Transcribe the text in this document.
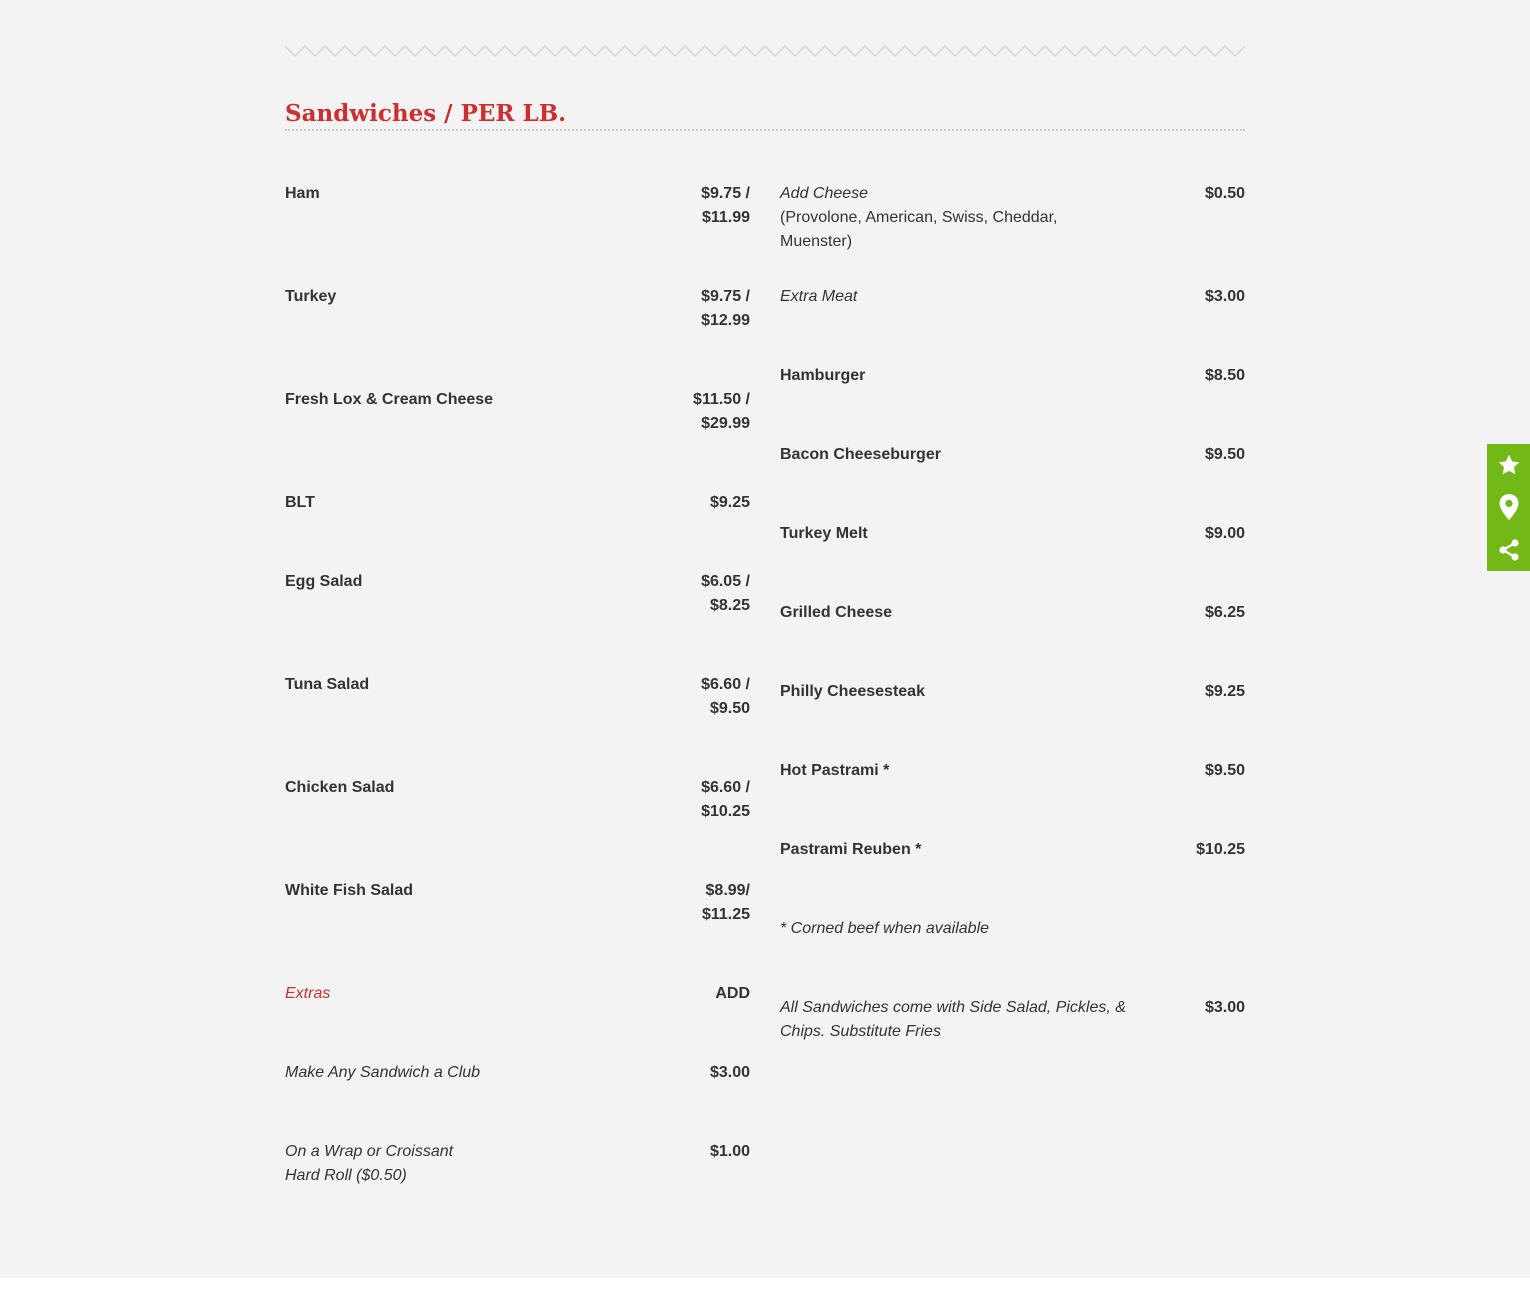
Sandwiches / PER LB.
Ham	$9.75 /
$11.99
Turkey	$9.75 /
$12.99
Fresh Lox & Cream Cheese	$11.50 /
$29.99
BLT	$9.25
Egg Salad	$6.05 /
$8.25
Tuna Salad	$6.60 /
$9.50
Chicken Salad	$6.60 /
$10.25
White Fish Salad	$8.99/
$11.25
Extras	ADD
Make Any Sandwich a Club	$3.00
On a Wrap or Croissant
Hard Roll ($0.50)
$1.00
Add Cheese
(Provolone, American, Swiss, Cheddar, Muenster)
$0.50
Extra Meat	$3.00
Hamburger	$8.50
Bacon Cheeseburger	$9.50
Turkey Melt	$9.00
Grilled Cheese	$6.25
Philly Cheesesteak	$9.25
Hot Pastrami *	$9.50
Pastrami Reuben *	$10.25
* Corned beef when available
All Sandwiches come with Side Salad, Pickles, & Chips. Substitute Fries
$3.00
